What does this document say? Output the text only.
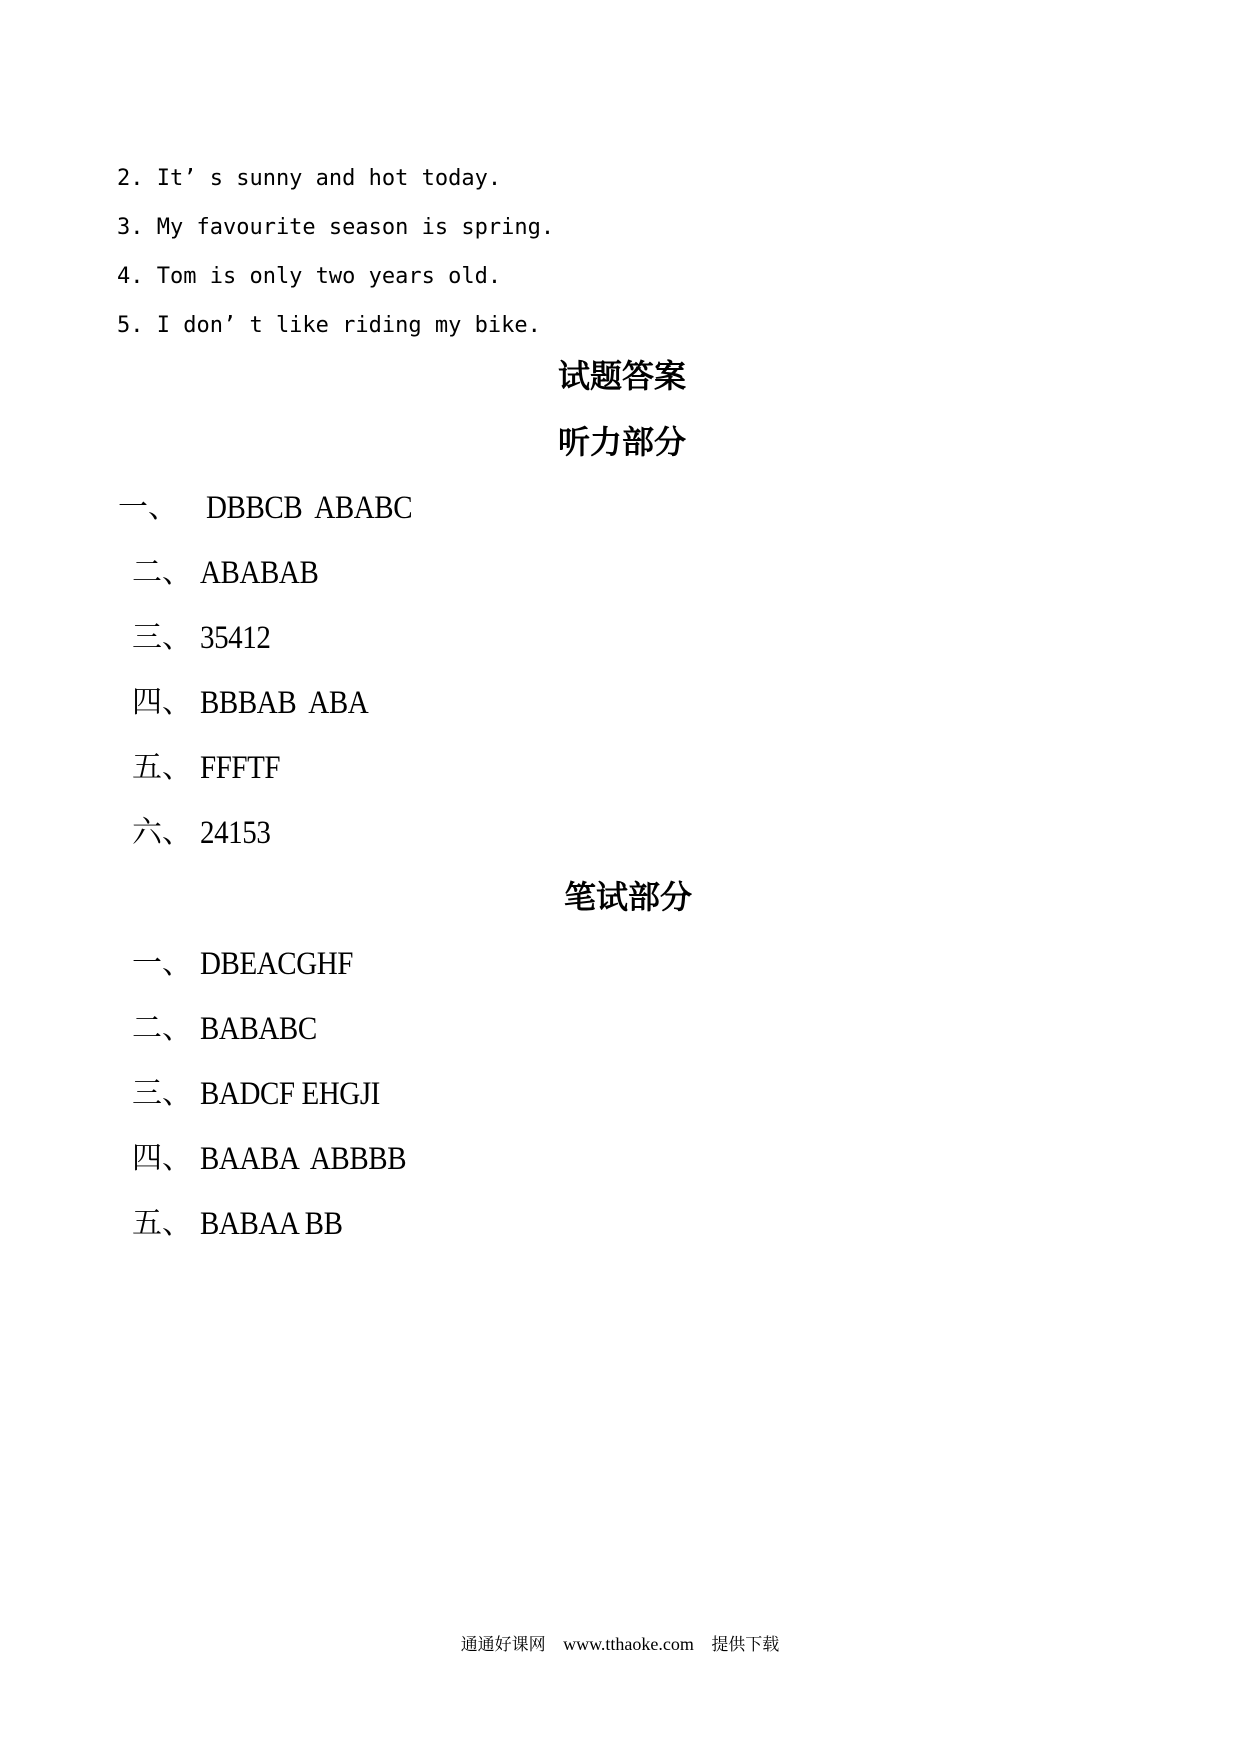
2. It’ s sunny and hot today.
3. My favourite season is spring.
4. Tom is only two years old.
5. I don’ t like riding my bike.
试题答案
听力部分
一、 DBBCB  ABABC
二、 ABABAB
三、 35412
四、 BBBAB  ABA
五、 FFFTF
六、 24153
笔试部分
一、 DBEACGHF
二、 BABABC
三、 BADCF EHGJI
四、 BAABA  ABBBB
五、 BABAA BB
通通好课网 www.tthaoke.com 提供下载
